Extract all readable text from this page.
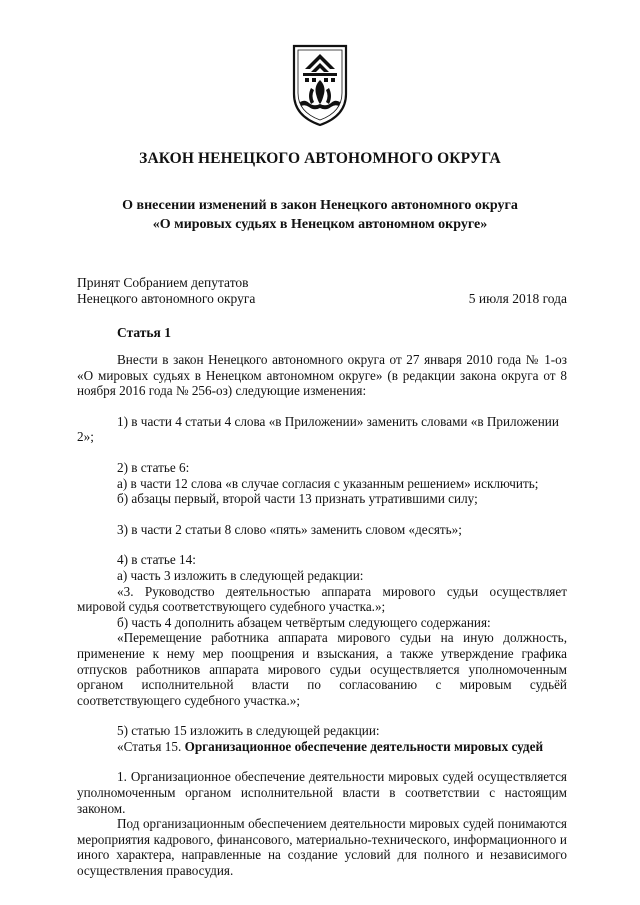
ЗАКОН НЕНЕЦКОГО АВТОНОМНОГО ОКРУГА
О внесении изменений в закон Ненецкого автономного округа
«О мировых судьях в Ненецком автономном округе»
Принят Собранием депутатов
Ненецкого автономного округа	5 июля 2018 года
Статья 1

Внести в закон Ненецкого автономного округа от 27 января 2010 года № 1-оз «О мировых судьях в Ненецком автономном округе» (в редакции закона округа от 8 ноября 2016 года № 256-оз) следующие изменения:

1) в части 4 статьи 4 слова «в Приложении» заменить словами «в Приложении 2»;

2) в статье 6:

а) в части 12 слова «в случае согласия с указанным решением» исключить;

б) абзацы первый, второй части 13 признать утратившими силу;

3) в части 2 статьи 8 слово «пять» заменить словом «десять»;

4) в статье 14:

а) часть 3 изложить в следующей редакции:

«3. Руководство деятельностью аппарата мирового судьи осуществляет мировой судья соответствующего судебного участка.»;

б) часть 4 дополнить абзацем четвёртым следующего содержания:

«Перемещение работника аппарата мирового судьи на иную должность, применение к нему мер поощрения и взыскания, а также утверждение графика отпусков работников аппарата мирового судьи осуществляется уполномоченным органом исполнительной власти по согласованию с мировым судьёй соответствующего судебного участка.»;

5) статью 15 изложить в следующей редакции:

«Статья 15. Организационное обеспечение деятельности мировых судей

1. Организационное обеспечение деятельности мировых судей осуществляется уполномоченным органом исполнительной власти в соответствии с настоящим законом.

Под организационным обеспечением деятельности мировых судей понимаются мероприятия кадрового, финансового, материально-технического, информационного и иного характера, направленные на создание условий для полного и независимого осуществления правосудия.
